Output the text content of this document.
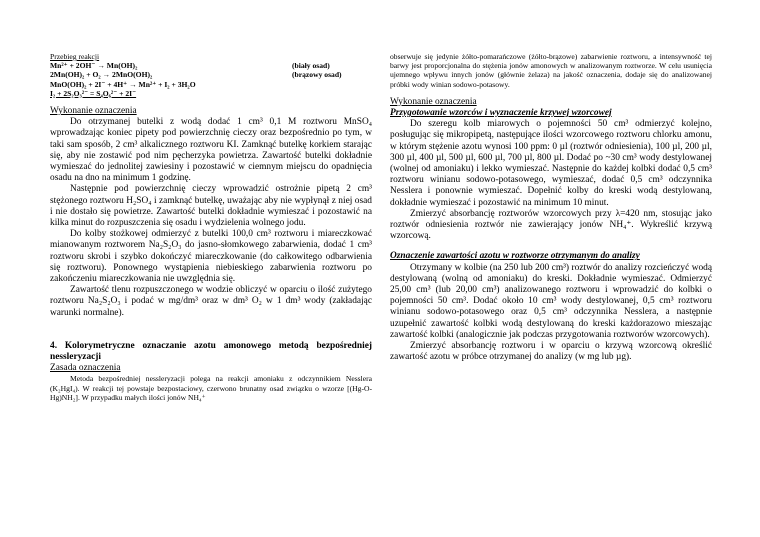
Przebieg reakcji

Mn²⁺ + 2OH⁻ → Mn(OH)₂	(biały osad)
2Mn(OH)₂ + O₂ → 2MnO(OH)₂	(brązowy osad)
MnO(OH)₂ + 2I⁻ + 4H⁺ → Mn²⁺ + I₂ + 3H₂O
I₂ + 2S₂O₃²⁻ = S₄O₆²⁻ + 2I⁻

Wykonanie oznaczenia

Do otrzymanej butelki z wodą dodać 1 cm³ 0,1 M roztworu MnSO₄ wprowadzając koniec pipety pod powierzchnię cieczy oraz bezpośrednio po tym, w taki sam sposób, 2 cm³ alkalicznego roztworu KI. Zamknąć butelkę korkiem starając się, aby nie zostawić pod nim pęcherzyka powietrza. Zawartość butelki dokładnie wymieszać do jednolitej zawiesiny i pozostawić w ciemnym miejscu do opadnięcia osadu na dno na minimum 1 godzinę.

Następnie pod powierzchnię cieczy wprowadzić ostrożnie pipetą 2 cm³ stężonego roztworu H₂SO₄ i zamknąć butelkę, uważając aby nie wypłynął z niej osad i nie dostało się powietrze. Zawartość butelki dokładnie wymieszać i pozostawić na kilka minut do rozpuszczenia się osadu i wydzielenia wolnego jodu.

Do kolby stożkowej odmierzyć z butelki 100,0 cm³ roztworu i miareczkować mianowanym roztworem Na₂S₂O₃ do jasno-słomkowego zabarwienia, dodać 1 cm³ roztworu skrobi i szybko dokończyć miareczkowanie (do całkowitego odbarwienia się roztworu). Ponownego wystąpienia niebieskiego zabarwienia roztworu po zakończeniu miareczkowania nie uwzględnia się.

Zawartość tlenu rozpuszczonego w wodzie obliczyć w oparciu o ilość zużytego roztworu Na₂S₂O₃ i podać w mg/dm³ oraz w dm³ O₂ w 1 dm³ wody (zakładając warunki normalne).

4. Kolorymetryczne oznaczanie azotu amonowego metodą bezpośredniej nessleryzacji

Zasada oznaczenia

Metoda bezpośredniej nessleryzacji polega na reakcji amoniaku z odczynnikiem Nesslera (K₂HgI₄). W reakcji tej powstaje bezpostaciowy, czerwono brunatny osad związku o wzorze [(Hg-O-Hg)NH₂]. W przypadku małych ilości jonów NH₄⁺

obserwuje się jedynie żółto-pomarańczowe (żółto-brązowe) zabarwienie roztworu, a intensywność tej barwy jest proporcjonalna do stężenia jonów amonowych w analizowanym roztworze. W celu usunięcia ujemnego wpływu innych jonów (głównie żelaza) na jakość oznaczenia, dodaje się do analizowanej próbki wody winian sodowo-potasowy.

Wykonanie oznaczenia

Przygotowanie wzorców i wyznaczenie krzywej wzorcowej

Do szeregu kolb miarowych o pojemności 50 cm³ odmierzyć kolejno, posługując się mikropipetą, następujące ilości wzorcowego roztworu chlorku amonu, w którym stężenie azotu wynosi 100 ppm: 0 µl (roztwór odniesienia), 100 µl, 200 µl, 300 µl, 400 µl, 500 µl, 600 µl, 700 µl, 800 µl. Dodać po ~30 cm³ wody destylowanej (wolnej od amoniaku) i lekko wymieszać. Następnie do każdej kolbki dodać 0,5 cm³ roztworu winianu sodowo-potasowego, wymieszać, dodać 0,5 cm³ odczynnika Nesslera i ponownie wymieszać. Dopełnić kolby do kreski wodą destylowaną, dokładnie wymieszać i pozostawić na minimum 10 minut.

Zmierzyć absorbancję roztworów wzorcowych przy λ=420 nm, stosując jako roztwór odniesienia roztwór nie zawierający jonów NH₄⁺. Wykreślić krzywą wzorcową.

Oznaczenie zawartości azotu w roztworze otrzymanym do analizy

Otrzymany w kolbie (na 250 lub 200 cm³) roztwór do analizy rozcieńczyć wodą destylowaną (wolną od amoniaku) do kreski. Dokładnie wymieszać. Odmierzyć 25,00 cm³ (lub 20,00 cm³) analizowanego roztworu i wprowadzić do kolbki o pojemności 50 cm³. Dodać około 10 cm³ wody destylowanej, 0,5 cm³ roztworu winianu sodowo-potasowego oraz 0,5 cm³ odczynnika Nesslera, a następnie uzupełnić zawartość kolbki wodą destylowaną do kreski każdorazowo mieszając zawartość kolbki (analogicznie jak podczas przygotowania roztworów wzorcowych).

Zmierzyć absorbancję roztworu i w oparciu o krzywą wzorcową określić zawartość azotu w próbce otrzymanej do analizy (w mg lub µg).
